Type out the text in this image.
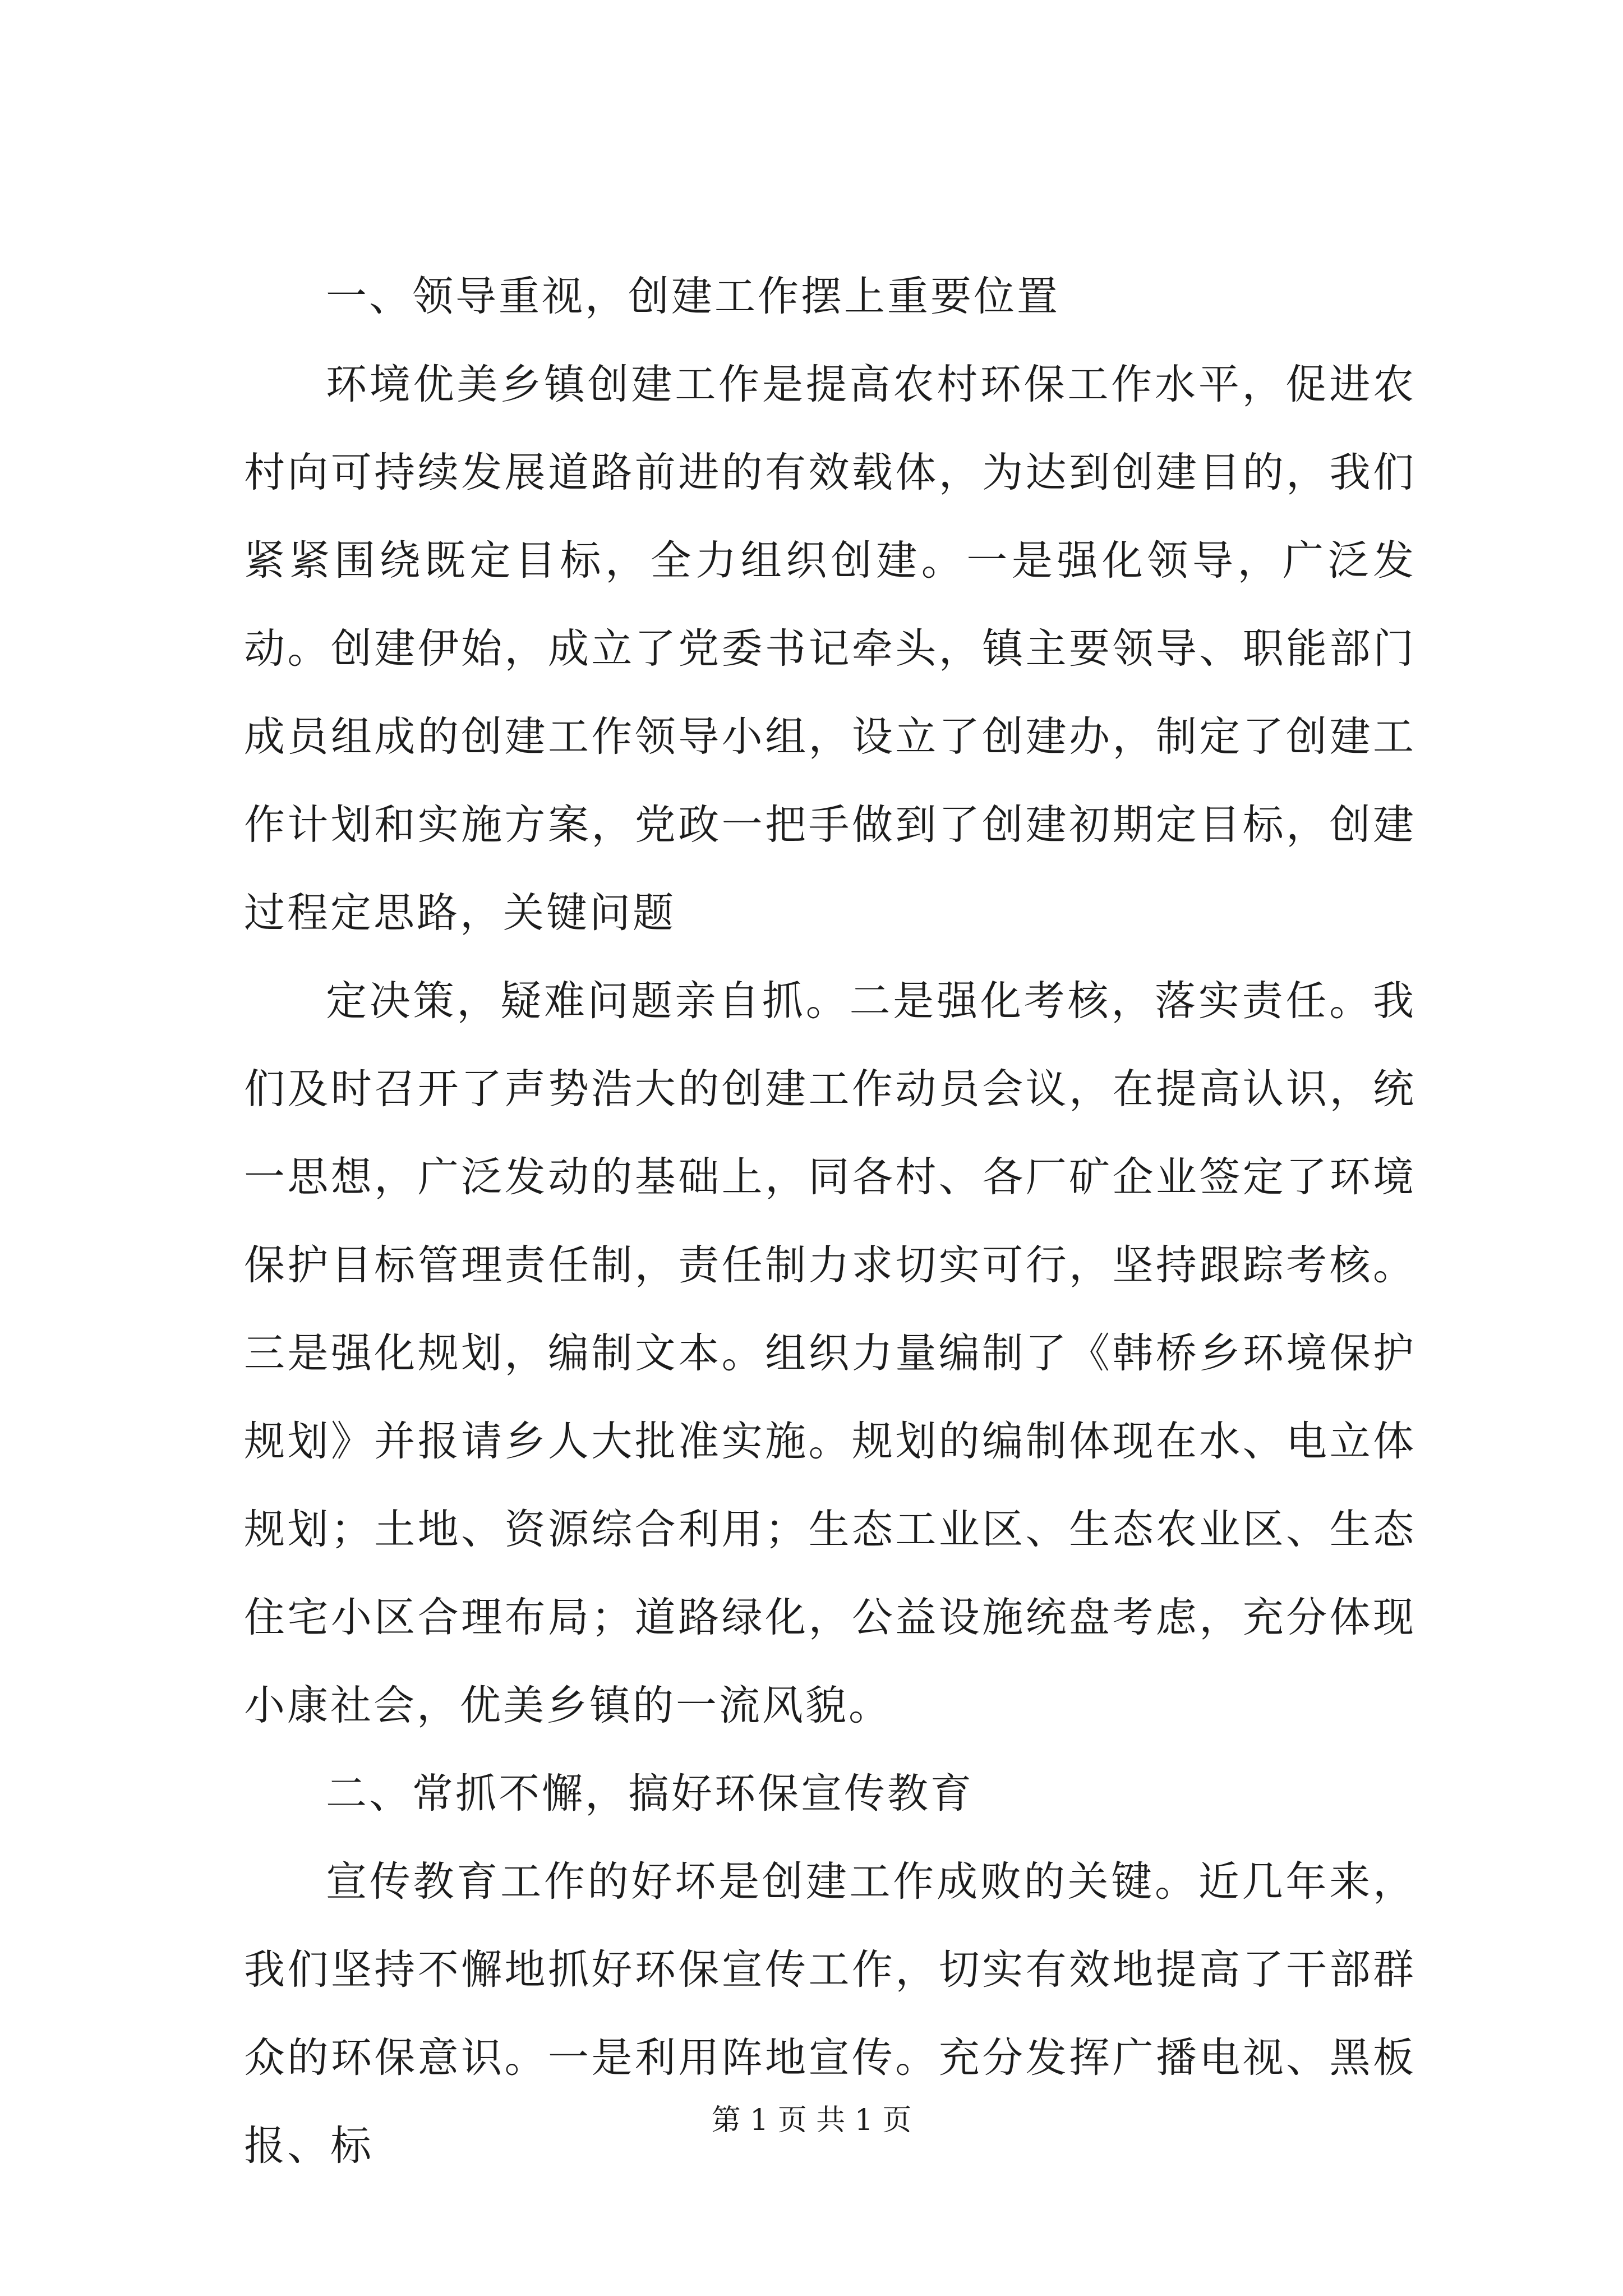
一、领导重视，创建工作摆上重要位置

环境优美乡镇创建工作是提高农村环保工作水平，促进农村向可持续发展道路前进的有效载体，为达到创建目的，我们紧紧围绕既定目标，全力组织创建。一是强化领导，广泛发动。创建伊始，成立了党委书记牵头，镇主要领导、职能部门成员组成的创建工作领导小组，设立了创建办，制定了创建工作计划和实施方案，党政一把手做到了创建初期定目标，创建过程定思路，关键问题

定决策，疑难问题亲自抓。二是强化考核，落实责任。我们及时召开了声势浩大的创建工作动员会议，在提高认识，统一思想，广泛发动的基础上，同各村、各厂矿企业签定了环境保护目标管理责任制，责任制力求切实可行，坚持跟踪考核。三是强化规划，编制文本。组织力量编制了《韩桥乡环境保护规划》并报请乡人大批准实施。规划的编制体现在水、电立体规划；土地、资源综合利用；生态工业区、生态农业区、生态住宅小区合理布局；道路绿化，公益设施统盘考虑，充分体现小康社会，优美乡镇的一流风貌。

二、常抓不懈，搞好环保宣传教育

宣传教育工作的好坏是创建工作成败的关键。近几年来，我们坚持不懈地抓好环保宣传工作，切实有效地提高了干部群众的环保意识。一是利用阵地宣传。充分发挥广播电视、黑板报、标

第 1 页 共 1 页
